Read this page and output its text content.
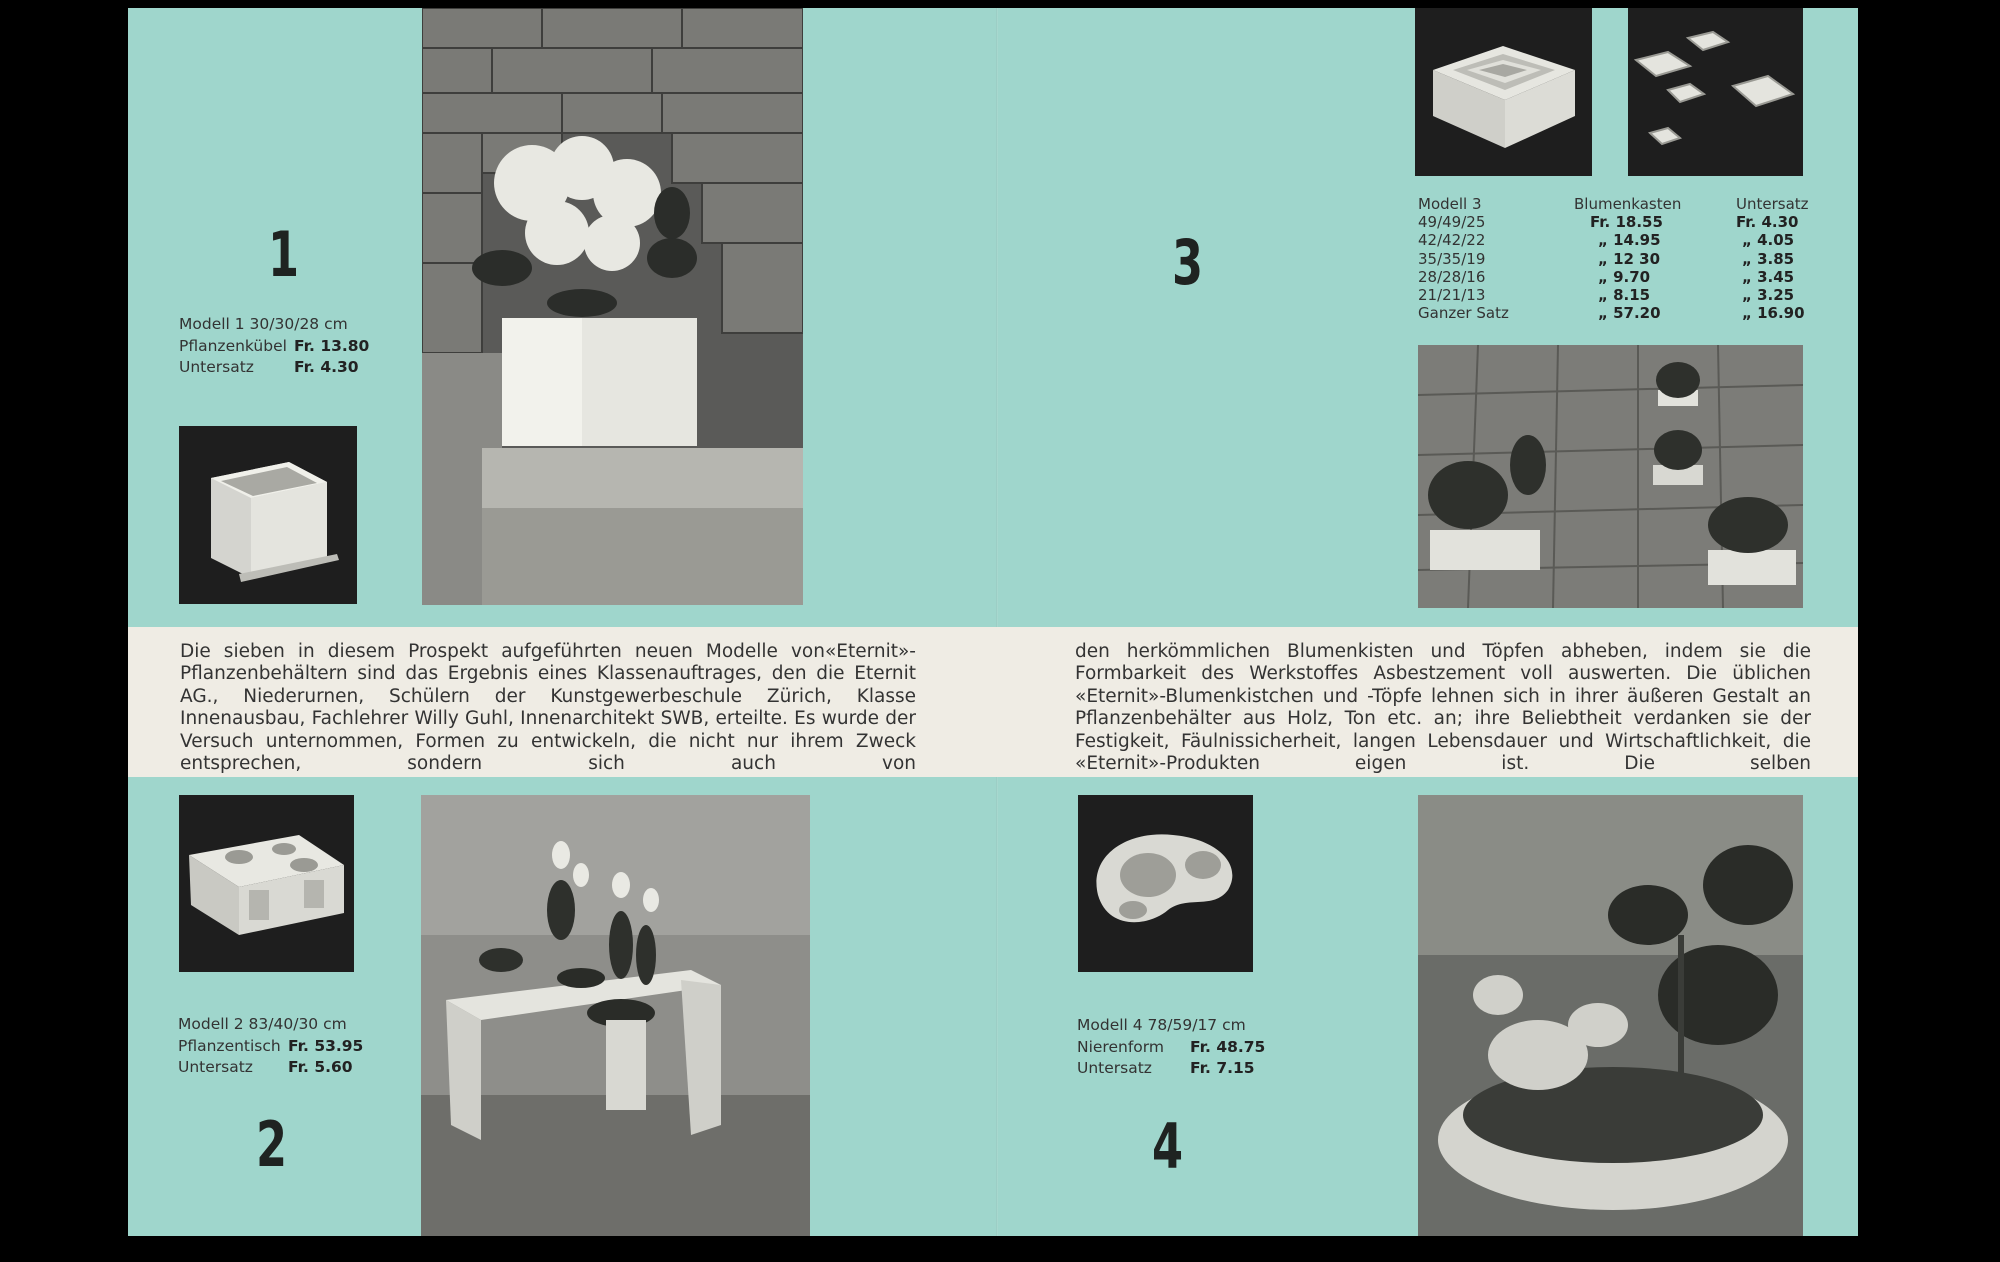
1
Modell 1 30/30/28 cm
Pflanzenkübel Fr. 13.80
Untersatz	Fr. 4.30
Die sieben in diesem Prospekt aufgeführten neuen Modelle von«Eternit»-Pflanzenbehältern sind das Ergebnis eines Klassenauftrages, den die Eternit AG., Niederurnen, Schülern der Kunstgewerbeschule Zürich, Klasse Innenausbau, Fachlehrer Willy Guhl, Innenarchitekt SWB, erteilte. Es wurde der Versuch unternommen, Formen zu entwickeln, die nicht nur ihrem Zweck entsprechen, sondern sich auch von
den herkömmlichen Blumenkisten und Töpfen abheben, indem sie die Formbarkeit des Werkstoffes Asbestzement voll auswerten. Die üblichen «Eternit»-Blumenkistchen und -Töpfe lehnen sich in ihrer äußeren Gestalt an Pflanzenbehälter aus Holz, Ton etc. an; ihre Beliebtheit verdanken sie der Festigkeit, Fäulnissicherheit, langen Lebensdauer und Wirtschaftlichkeit, die «Eternit»-Produkten eigen ist. Die selben
Modell 2 83/40/30 cm
Pflanzentisch Fr. 53.95
Untersatz Fr. 5.60
2
3
Modell 3	Blumenkasten	Untersatz
49/49/25	Fr. 18.55	Fr. 4.30
42/42/22	„ 14.95	„ 4.05
35/35/19	„ 12 30	„ 3.85
28/28/16	„ 9.70	„ 3.45
21/21/13	„ 8.15	„ 3.25
Ganzer Satz	„ 57.20	„ 16.90
Modell 4 78/59/17 cm
Nierenform Fr. 48.75
Untersatz Fr. 7.15
4
